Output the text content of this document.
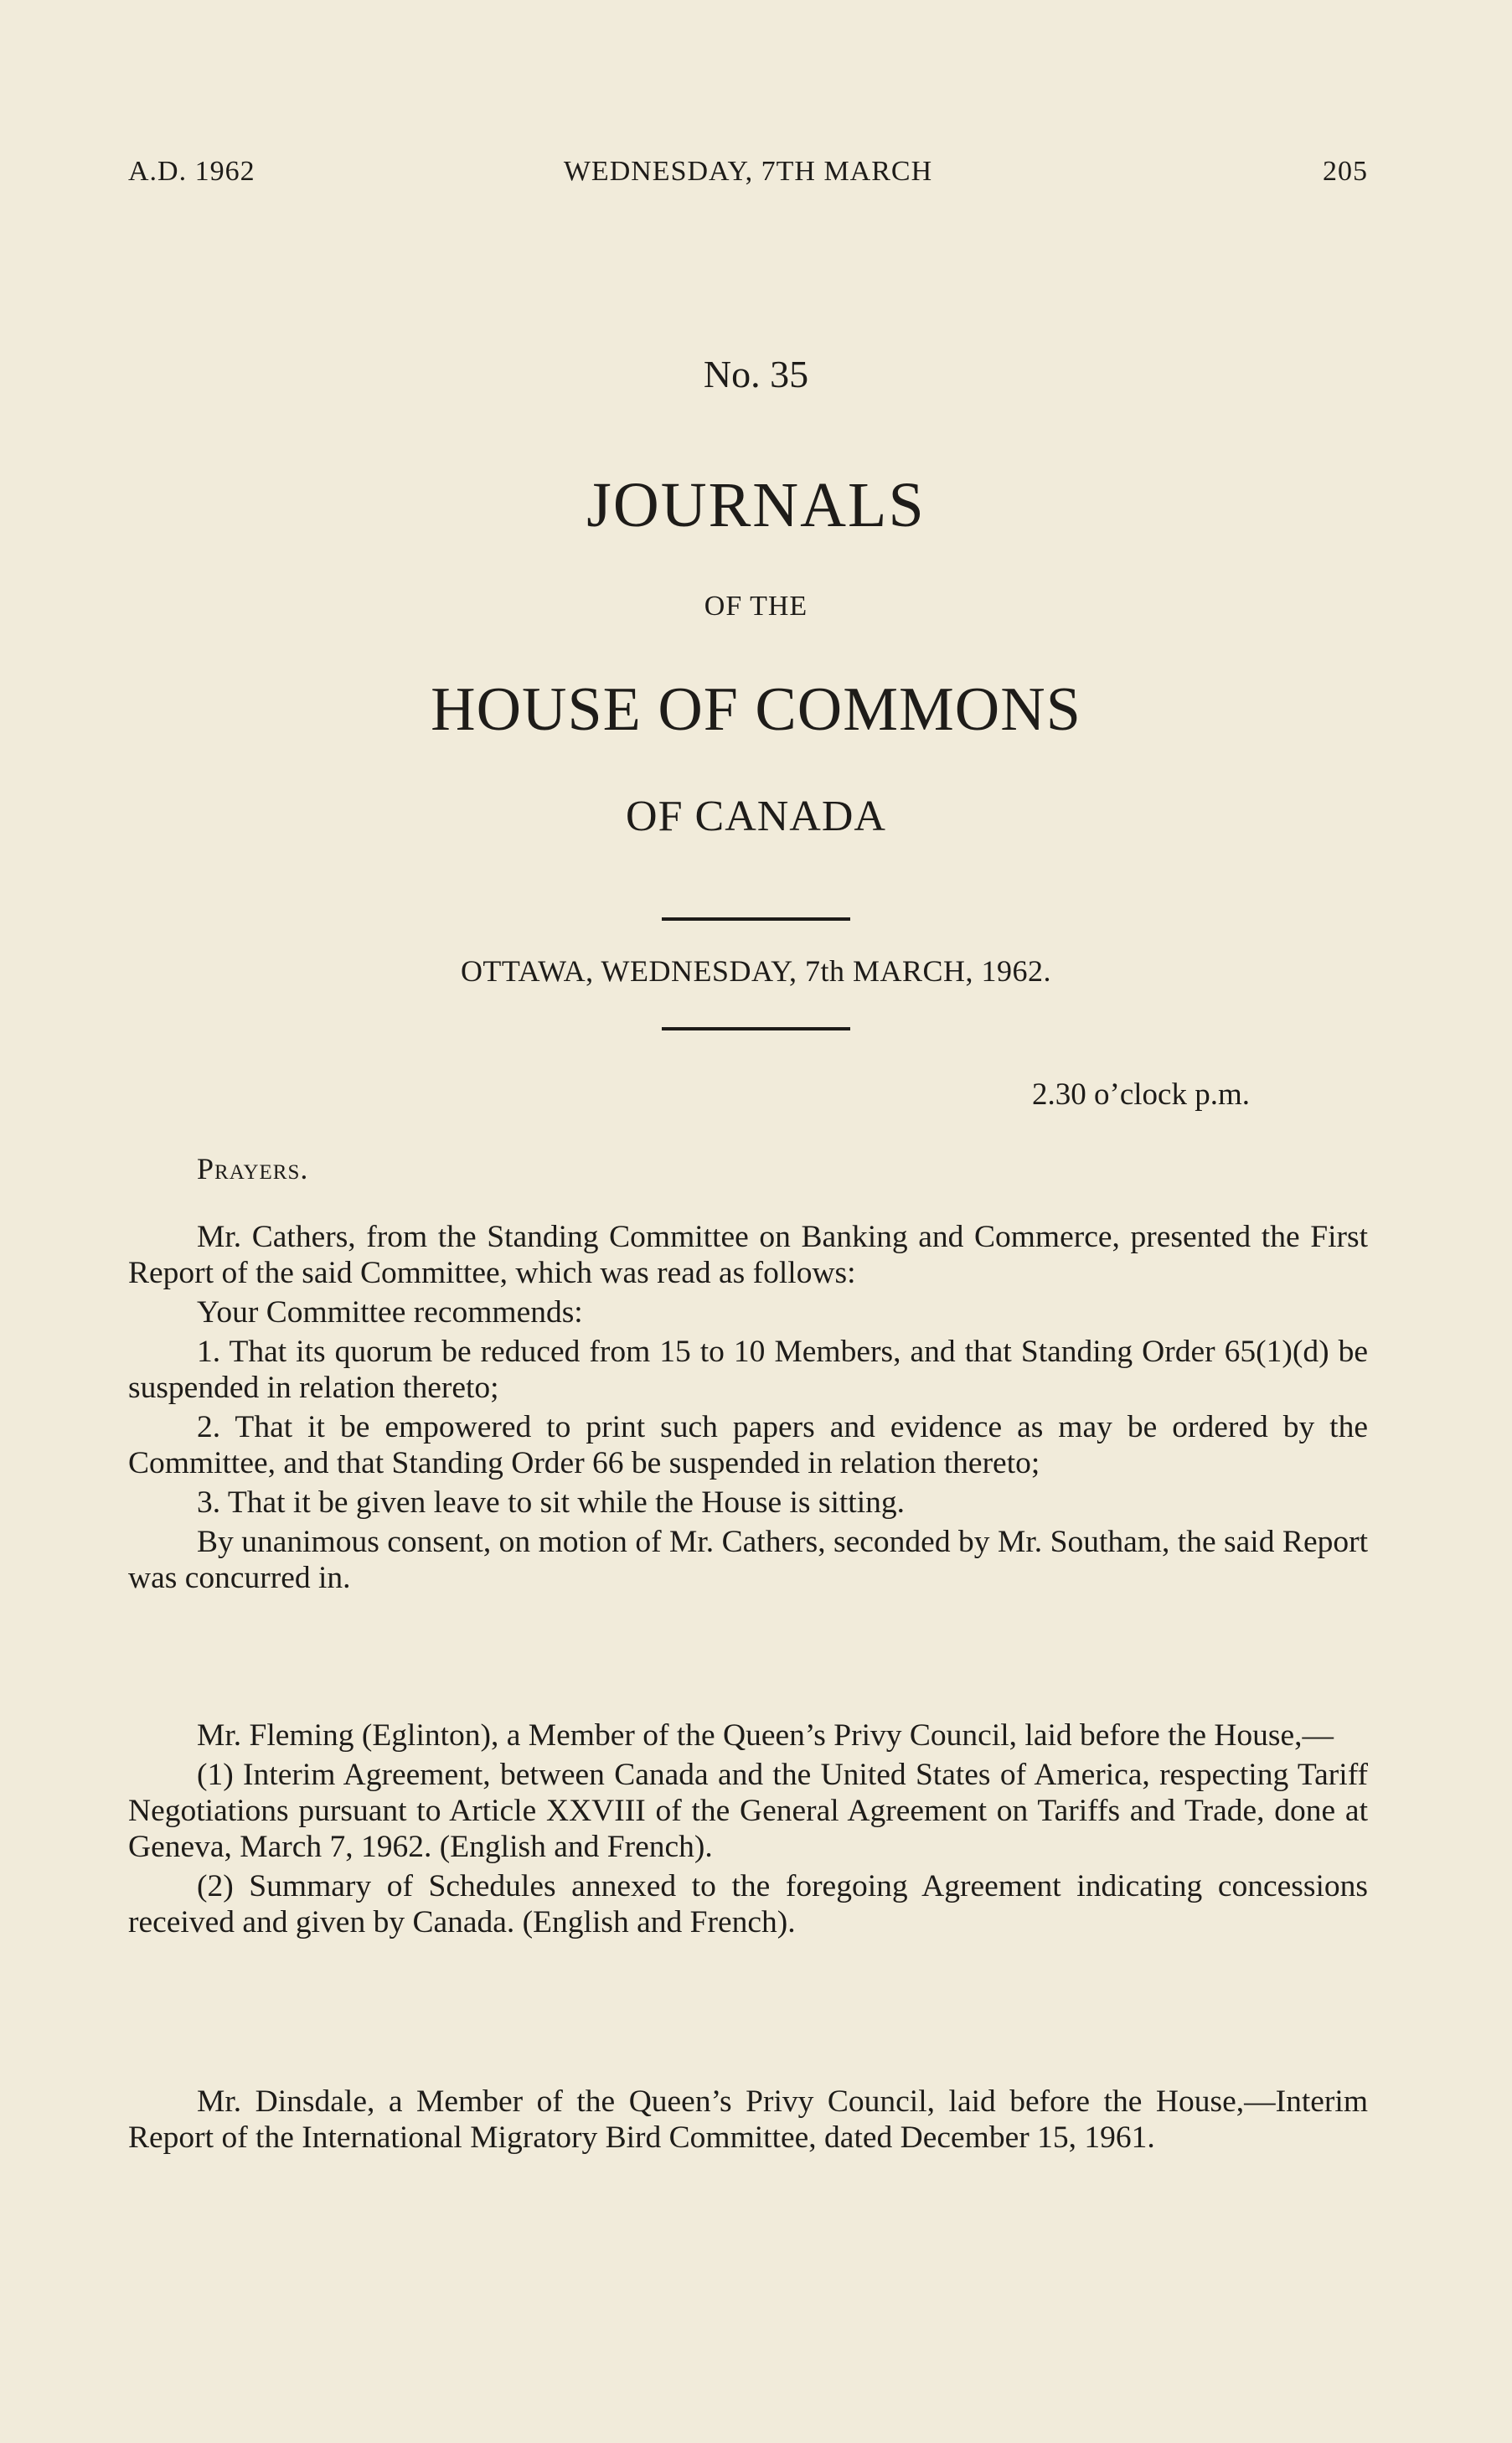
A.D. 1962	WEDNESDAY, 7TH MARCH	205
No. 35
JOURNALS
OF THE
HOUSE OF COMMONS
OF CANADA
OTTAWA, WEDNESDAY, 7th MARCH, 1962.
2.30 o’clock p.m.
Prayers.

Mr. Cathers, from the Standing Committee on Banking and Commerce, presented the First Report of the said Committee, which was read as follows:

Your Committee recommends:

1. That its quorum be reduced from 15 to 10 Members, and that Standing Order 65(1)(d) be suspended in relation thereto;

2. That it be empowered to print such papers and evidence as may be ordered by the Committee, and that Standing Order 66 be suspended in relation thereto;

3. That it be given leave to sit while the House is sitting.

By unanimous consent, on motion of Mr. Cathers, seconded by Mr. Southam, the said Report was concurred in.

Mr. Fleming (Eglinton), a Member of the Queen’s Privy Council, laid before the House,—

(1) Interim Agreement, between Canada and the United States of America, respecting Tariff Negotiations pursuant to Article XXVIII of the General Agreement on Tariffs and Trade, done at Geneva, March 7, 1962. (English and French).

(2) Summary of Schedules annexed to the foregoing Agreement indicating concessions received and given by Canada. (English and French).

Mr. Dinsdale, a Member of the Queen’s Privy Council, laid before the House,—Interim Report of the International Migratory Bird Committee, dated December 15, 1961.
